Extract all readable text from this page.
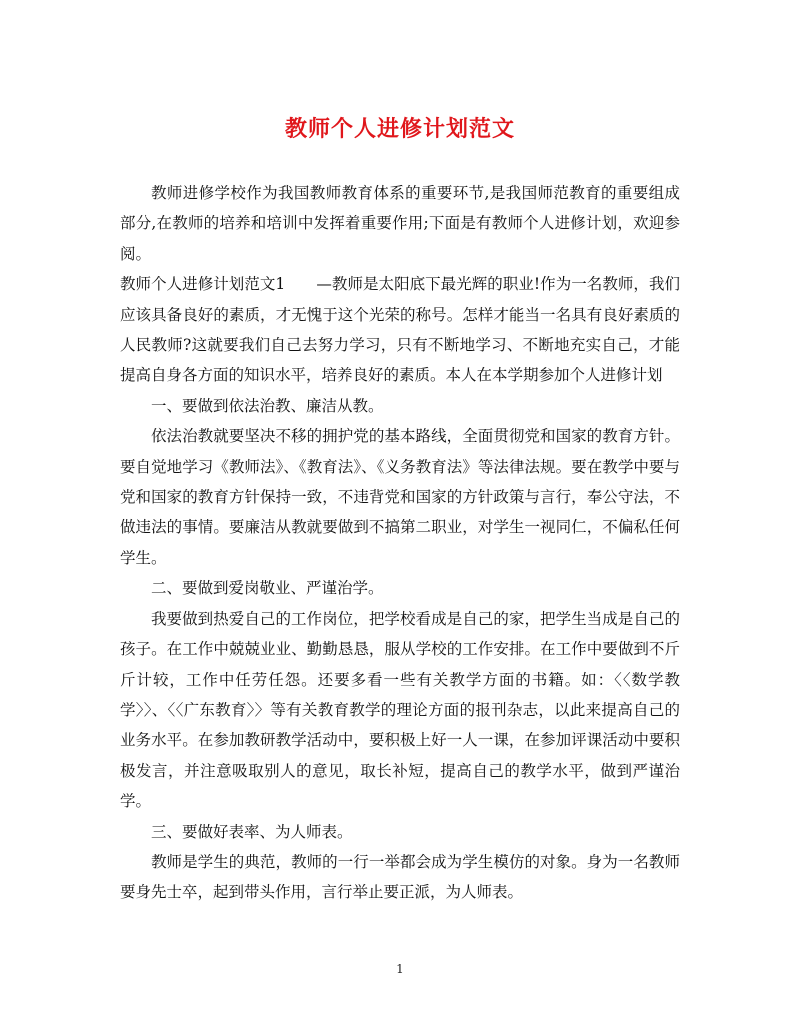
教师个人进修计划范文

教师进修学校作为我国教师教育体系的重要环节,是我国师范教育的重要组成部分,在教师的培养和培训中发挥着重要作用;下面是有教师个人进修计划，欢迎参阅。

教师个人进修计划范文1　　—教师是太阳底下最光辉的职业!作为一名教师，我们应该具备良好的素质，才无愧于这个光荣的称号。怎样才能当一名具有良好素质的人民教师?这就要我们自己去努力学习，只有不断地学习、不断地充实自己，才能提高自身各方面的知识水平，培养良好的素质。本人在本学期参加个人进修计划

一、要做到依法治教、廉洁从教。

依法治教就要坚决不移的拥护党的基本路线，全面贯彻党和国家的教育方针。要自觉地学习《教师法》、《教育法》、《义务教育法》等法律法规。要在教学中要与党和国家的教育方针保持一致，不违背党和国家的方针政策与言行，奉公守法，不做违法的事情。要廉洁从教就要做到不搞第二职业，对学生一视同仁，不偏私任何学生。

二、要做到爱岗敬业、严谨治学。

我要做到热爱自己的工作岗位，把学校看成是自己的家，把学生当成是自己的孩子。在工作中兢兢业业、勤勤恳恳，服从学校的工作安排。在工作中要做到不斤斤计较，工作中任劳任怨。还要多看一些有关教学方面的书籍。如：〈〈数学教学〉〉、〈〈广东教育〉〉等有关教育教学的理论方面的报刊杂志，以此来提高自己的业务水平。在参加教研教学活动中，要积极上好一人一课，在参加评课活动中要积极发言，并注意吸取别人的意见，取长补短，提高自己的教学水平，做到严谨治学。

三、要做好表率、为人师表。

教师是学生的典范，教师的一行一举都会成为学生模仿的对象。身为一名教师要身先士卒，起到带头作用，言行举止要正派，为人师表。

1
